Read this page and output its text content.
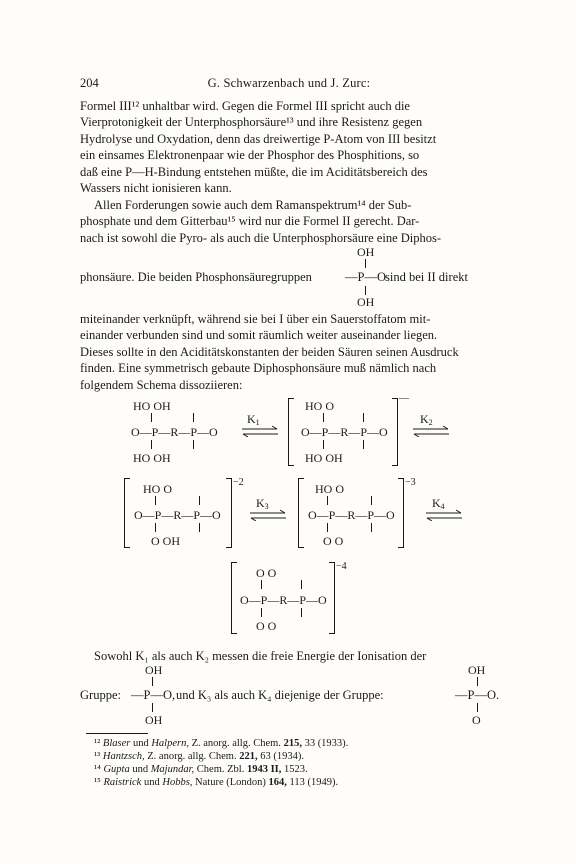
204	G. Schwarzenbach und J. Zurc:
Formel III¹² unhaltbar wird. Gegen die Formel III spricht auch die
Vierprotonigkeit der Unterphosphorsäure¹³ und ihre Resistenz gegen
Hydrolyse und Oxydation, denn das dreiwertige P-Atom von III besitzt
ein einsames Elektronenpaar wie der Phosphor des Phosphitions, so
daß eine P—H-Bindung entstehen müßte, die im Aciditätsbereich des
Wassers nicht ionisieren kann.
Allen Forderungen sowie auch dem Ramanspektrum¹⁴ der Sub-
phosphate und dem Gitterbau¹⁵ wird nur die Formel II gerecht. Dar-
nach ist sowohl die Pyro- als auch die Unterphosphorsäure eine Diphos-
OH
phonsäure. Die beiden Phosphonsäuregruppen	—P—O sind bei II direkt
OH
miteinander verknüpft, während sie bei I über ein Sauerstoffatom mit-
einander verbunden sind und somit räumlich weiter auseinander liegen.
Dieses sollte in den Aciditätskonstanten der beiden Säuren seinen Ausdruck
finden. Eine symmetrisch gebaute Diphosphonsäure muß nämlich nach
folgendem Schema dissoziieren:
HO OH
O—P—R—P—O
HO OH
$K_1$
HO O
O—P—R—P—O
HO OH
—
$K_2$
HO O
O—P—R—P—O
O OH
−2
$K_3$
HO O
O—P—R—P—O
O O
−3
$K_4$
O O
O—P—R—P—O
O O
−4
Sowohl K₁ als auch K₂ messen die freie Energie der Ionisation der
OH	OH
Gruppe: —P—O, und K₃ als auch K₄ diejenige der Gruppe:	—P—O.
OH	O
¹² Blaser und Halpern, Z. anorg. allg. Chem. 215, 33 (1933).
¹³ Hantzsch, Z. anorg. allg. Chem. 221, 63 (1934).
¹⁴ Gupta und Majundar, Chem. Zbl. 1943 II, 1523.
¹⁵ Raistrick und Hobbs, Nature (London) 164, 113 (1949).
